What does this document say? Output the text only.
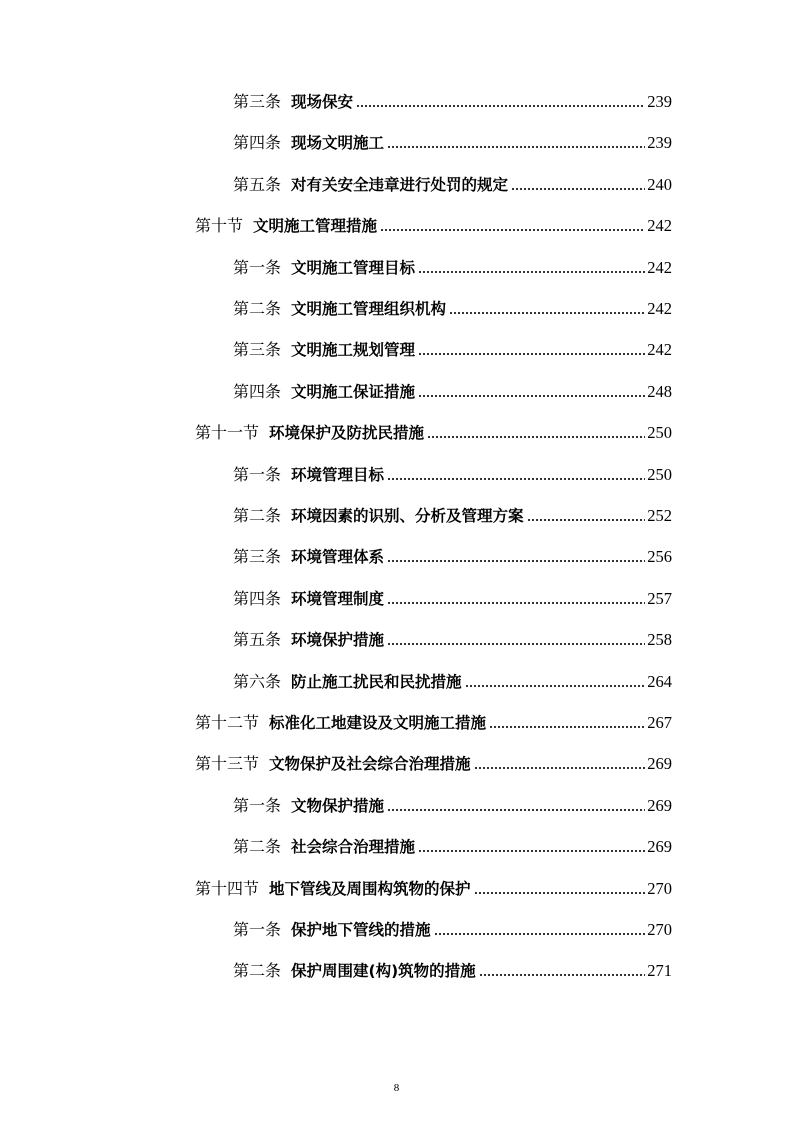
第三条 现场保安	239
第四条 现场文明施工	239
第五条 对有关安全违章进行处罚的规定	240
第十节 文明施工管理措施	242
第一条 文明施工管理目标	242
第二条 文明施工管理组织机构	242
第三条 文明施工规划管理	242
第四条 文明施工保证措施	248
第十一节 环境保护及防扰民措施	250
第一条 环境管理目标	250
第二条 环境因素的识别、分析及管理方案	252
第三条 环境管理体系	256
第四条 环境管理制度	257
第五条 环境保护措施	258
第六条 防止施工扰民和民扰措施	264
第十二节 标准化工地建设及文明施工措施	267
第十三节 文物保护及社会综合治理措施	269
第一条 文物保护措施	269
第二条 社会综合治理措施	269
第十四节 地下管线及周围构筑物的保护	270
第一条 保护地下管线的措施	270
第二条 保护周围建(构)筑物的措施	271
8
